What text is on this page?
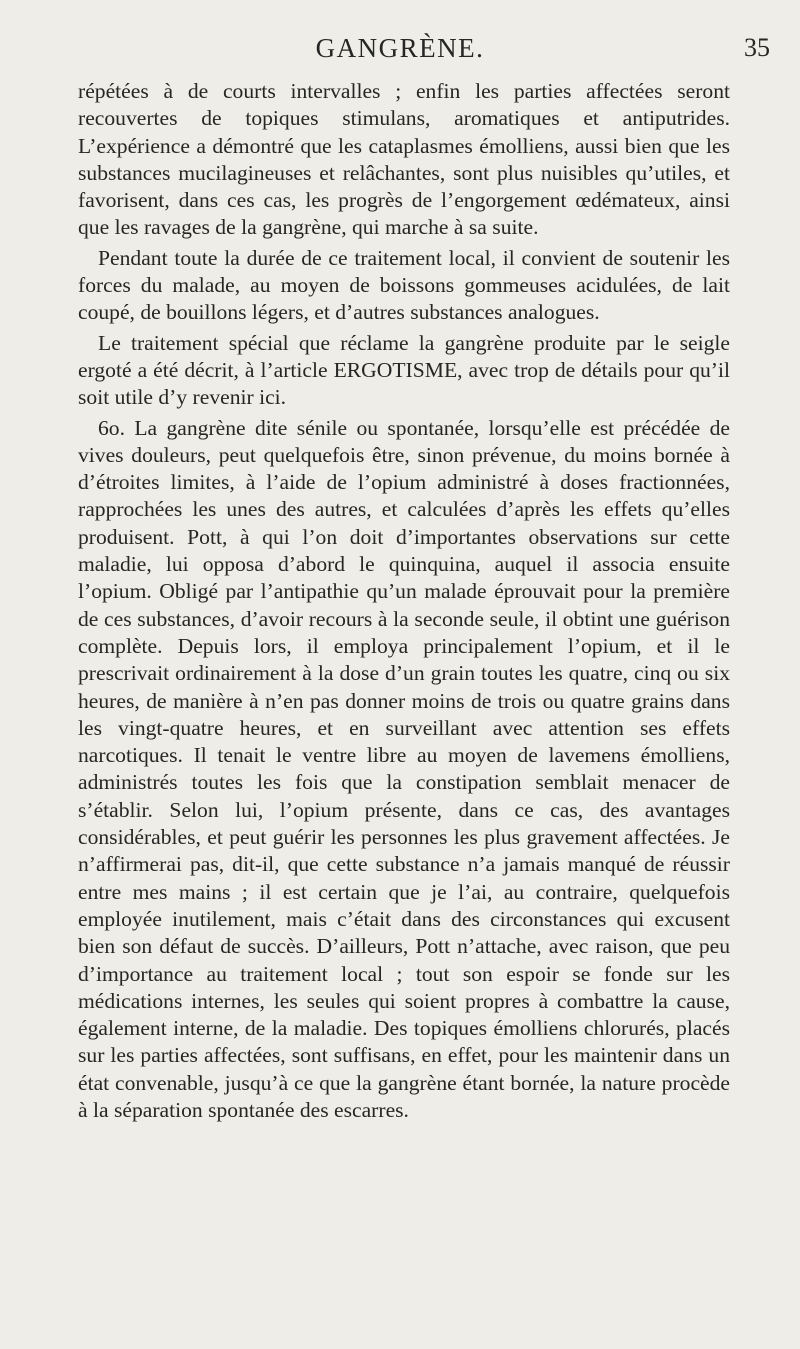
GANGRÈNE.	35

répétées à de courts intervalles ; enfin les parties affectées seront recouvertes de topiques stimulans, aromatiques et antiputrides. L’expérience a démontré que les cataplasmes émolliens, aussi bien que les substances mucilagineuses et relâchantes, sont plus nuisibles qu’utiles, et favorisent, dans ces cas, les progrès de l’engorgement œdémateux, ainsi que les ravages de la gangrène, qui marche à sa suite.

Pendant toute la durée de ce traitement local, il convient de soutenir les forces du malade, au moyen de boissons gommeuses acidulées, de lait coupé, de bouillons légers, et d’autres substances analogues.

Le traitement spécial que réclame la gangrène produite par le seigle ergoté a été décrit, à l’article ERGOTISME, avec trop de détails pour qu’il soit utile d’y revenir ici.

6o. La gangrène dite sénile ou spontanée, lorsqu’elle est précédée de vives douleurs, peut quelquefois être, sinon prévenue, du moins bornée à d’étroites limites, à l’aide de l’opium administré à doses fractionnées, rapprochées les unes des autres, et calculées d’après les effets qu’elles produisent. Pott, à qui l’on doit d’importantes observations sur cette maladie, lui opposa d’abord le quinquina, auquel il associa ensuite l’opium. Obligé par l’antipathie qu’un malade éprouvait pour la première de ces substances, d’avoir recours à la seconde seule, il obtint une guérison complète. Depuis lors, il employa principalement l’opium, et il le prescrivait ordinairement à la dose d’un grain toutes les quatre, cinq ou six heures, de manière à n’en pas donner moins de trois ou quatre grains dans les vingt-quatre heures, et en surveillant avec attention ses effets narcotiques. Il tenait le ventre libre au moyen de lavemens émolliens, administrés toutes les fois que la constipation semblait menacer de s’établir. Selon lui, l’opium présente, dans ce cas, des avantages considérables, et peut guérir les personnes les plus gravement affectées. Je n’affirmerai pas, dit-il, que cette substance n’a jamais manqué de réussir entre mes mains ; il est certain que je l’ai, au contraire, quelquefois employée inutilement, mais c’était dans des circonstances qui excusent bien son défaut de succès. D’ailleurs, Pott n’attache, avec raison, que peu d’importance au traitement local ; tout son espoir se fonde sur les médications internes, les seules qui soient propres à combattre la cause, également interne, de la maladie. Des topiques émolliens chlorurés, placés sur les parties affectées, sont suffisans, en effet, pour les maintenir dans un état convenable, jusqu’à ce que la gangrène étant bornée, la nature procède à la séparation spontanée des escarres.
